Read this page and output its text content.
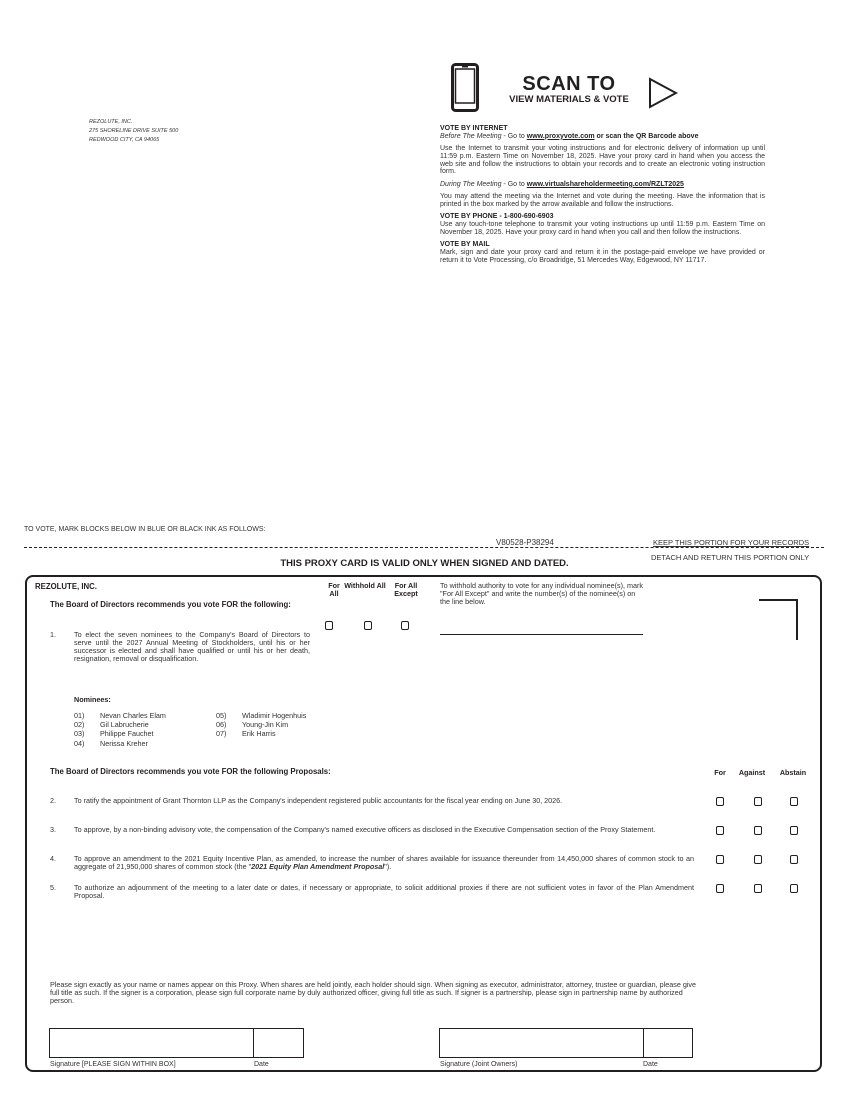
REZOLUTE, INC.
275 SHORELINE DRIVE SUITE 500
REDWOOD CITY, CA 94065
SCAN TO
VIEW MATERIALS & VOTE
VOTE BY INTERNET

Before The Meeting - Go to www.proxyvote.com or scan the QR Barcode above

Use the Internet to transmit your voting instructions and for electronic delivery of information up until 11:59 p.m. Eastern Time on November 18, 2025. Have your proxy card in hand when you access the web site and follow the instructions to obtain your records and to create an electronic voting instruction form.

During The Meeting - Go to www.virtualshareholdermeeting.com/RZLT2025

You may attend the meeting via the Internet and vote during the meeting. Have the information that is printed in the box marked by the arrow available and follow the instructions.

VOTE BY PHONE - 1-800-690-6903

Use any touch-tone telephone to transmit your voting instructions up until 11:59 p.m. Eastern Time on November 18, 2025. Have your proxy card in hand when you call and then follow the instructions.

VOTE BY MAIL

Mark, sign and date your proxy card and return it in the postage-paid envelope we have provided or return it to Vote Processing, c/o Broadridge, 51 Mercedes Way, Edgewood, NY 11717.

TO VOTE, MARK BLOCKS BELOW IN BLUE OR BLACK INK AS FOLLOWS:
V80528-P38294	KEEP THIS PORTION FOR YOUR RECORDS
DETACH AND RETURN THIS PORTION ONLY
THIS PROXY CARD IS VALID ONLY WHEN SIGNED AND DATED.
REZOLUTE, INC.
The Board of Directors recommends you vote FOR the following:
For All
Withhold All	For All Except
To withhold authority to vote for any individual nominee(s), mark "For All Except" and write the number(s) of the nominee(s) on the line below.
1.	To elect the seven nominees to the Company's Board of Directors to serve until the 2027 Annual Meeting of Stockholders, until his or her successor is elected and shall have qualified or until his or her death, resignation, removal or disqualification.
Nominees:
01) Nevan Charles Elam
02) Gil Labrucherie
03) Philippe Fauchet
04) Nerissa Kreher
05) Wladimir Hogenhuis
06) Young-Jin Kim
07) Erik Harris
The Board of Directors recommends you vote FOR the following Proposals:	For	Against	Abstain
2.	To ratify the appointment of Grant Thornton LLP as the Company's independent registered public accountants for the fiscal year ending on June 30, 2026.
3.	To approve, by a non-binding advisory vote, the compensation of the Company's named executive officers as disclosed in the Executive Compensation section of the Proxy Statement.
4.	To approve an amendment to the 2021 Equity Incentive Plan, as amended, to increase the number of shares available for issuance thereunder from 14,450,000 shares of common stock to an aggregate of 21,950,000 shares of common stock (the "2021 Equity Plan Amendment Proposal").
5.	To authorize an adjournment of the meeting to a later date or dates, if necessary or appropriate, to solicit additional proxies if there are not sufficient votes in favor of the Plan Amendment Proposal.
Please sign exactly as your name or names appear on this Proxy. When shares are held jointly, each holder should sign. When signing as executor, administrator, attorney, trustee or guardian, please give full title as such. If the signer is a corporation, please sign full corporate name by duly authorized officer, giving full title as such. If signer is a partnership, please sign in partnership name by authorized person.
Signature [PLEASE SIGN WITHIN BOX]	Date	Signature (Joint Owners)	Date
